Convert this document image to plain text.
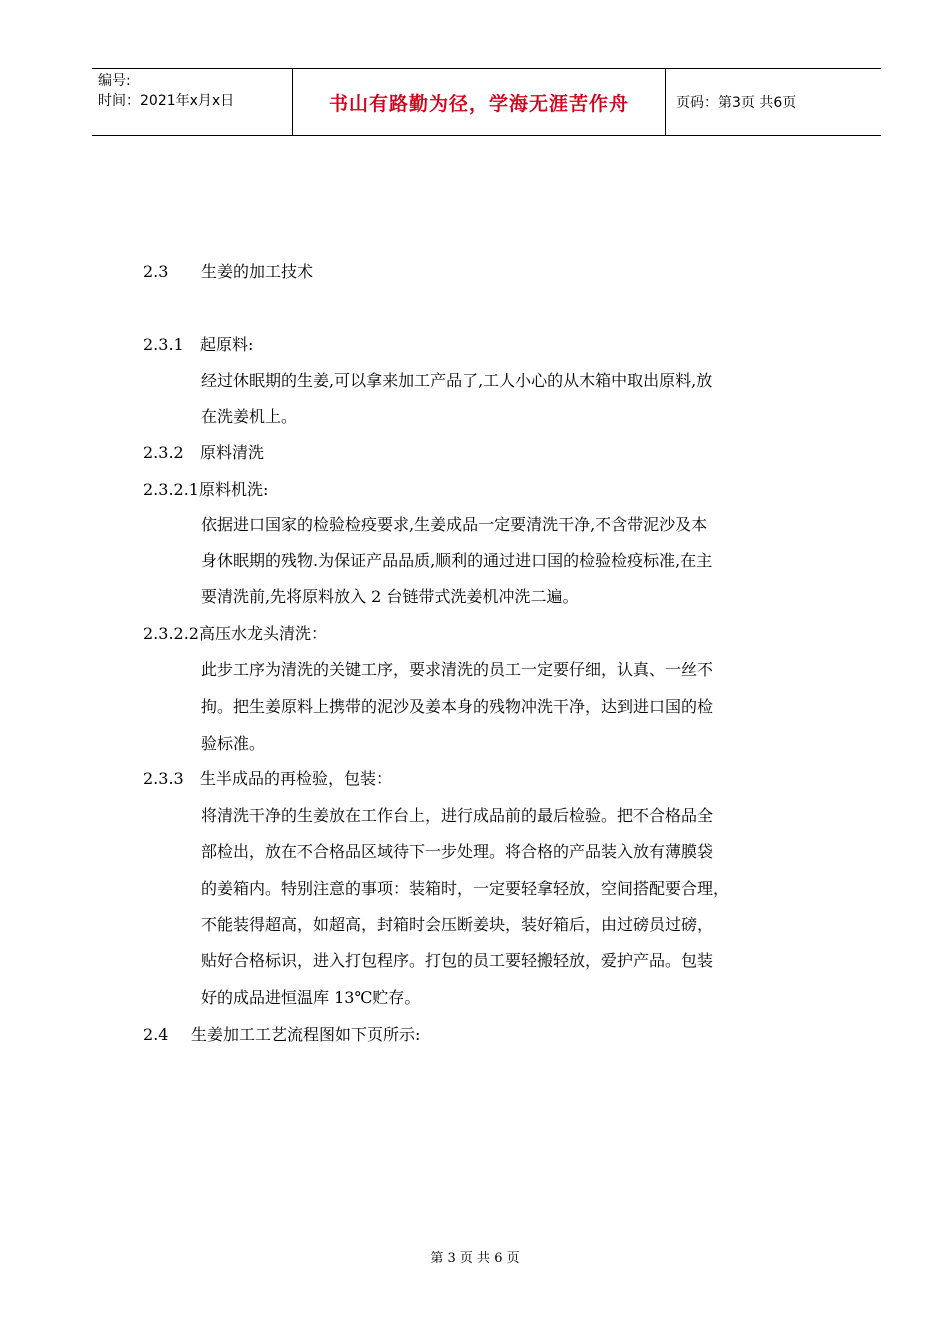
编号:
时间：2021年x月x日	书山有路勤为径，学海无涯苦作舟	页码：第3页 共6页
2.3 生姜的加工技术
2.3.1 起原料:
经过休眠期的生姜,可以拿来加工产品了,工人小心的从木箱中取出原料,放
在洗姜机上。
2.3.2 原料清洗
2.3.2.1原料机洗:
依据进口国家的检验检疫要求,生姜成品一定要清洗干净,不含带泥沙及本
身休眠期的残物.为保证产品品质,顺利的通过进口国的检验检疫标准,在主
要清洗前,先将原料放入 2 台链带式洗姜机冲洗二遍。
2.3.2.2高压水龙头清洗：
此步工序为清洗的关键工序，要求清洗的员工一定要仔细，认真、一丝不
拘。把生姜原料上携带的泥沙及姜本身的残物冲洗干净，达到进口国的检
验标准。
2.3.3 生半成品的再检验，包装：
将清洗干净的生姜放在工作台上，进行成品前的最后检验。把不合格品全
部检出，放在不合格品区域待下一步处理。将合格的产品装入放有薄膜袋
的姜箱内。特别注意的事项：装箱时，一定要轻拿轻放，空间搭配要合理，
不能装得超高，如超高，封箱时会压断姜块，装好箱后，由过磅员过磅，
贴好合格标识，进入打包程序。打包的员工要轻搬轻放，爱护产品。包装
好的成品进恒温库 13℃贮存。
2.4 生姜加工工艺流程图如下页所示:
第 3 页 共 6 页
